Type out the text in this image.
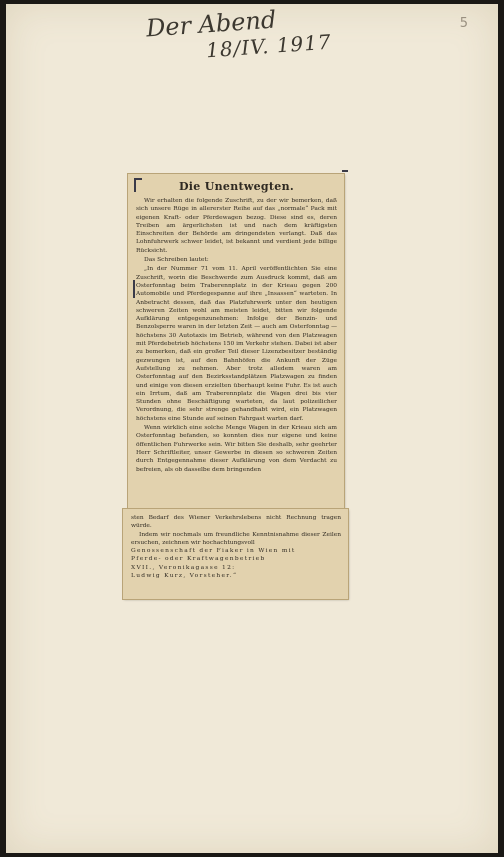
Der Abend
18/IV. 1917
5
Die Unentwegten.

Wir erhalten die folgende Zuschrift, zu der wir bemerken, daß sich unsere Rüge in allererster Reihe auf das „normale“ Pack mit eigenen Kraft- oder Pferdewagen bezog. Diese sind es, deren Treiben am ärgerlichsten ist und nach dem kräftigsten Einschreiten der Behörde am dringendsten verlangt. Daß das Lohnfuhrwerk schwer leidet, ist bekannt und verdient jede billige Rücksicht.

Das Schreiben lautet:

„In der Nummer 71 vom 11. April veröffentlichten Sie eine Zuschrift, worin die Beschwerde zum Ausdruck kommt, daß am Osterfonntag beim Traberennplatz in der Krieau gegen 200 Automobile und Pferdegespanne auf ihre „Insassen“ warteten. In Anbetracht dessen, daß das Platzfuhrwerk unter den heutigen schweren Zeiten wohl am meisten leidet, bitten wir folgende Aufklärung entgegenzunehmen: Infolge der Benzin- und Benzolsperre waren in der letzten Zeit — auch am Osterfonntag — höchstens 30 Autotaxis im Betrieb, während von den Platzwagen mit Pferdebetrieb höchstens 150 im Verkehr stehen. Dabei ist aber zu bemerken, daß ein großer Teil dieser Lizenzbesitzer beständig gezwungen ist, auf den Bahnhöfen die Ankunft der Züge Aufstellung zu nehmen. Aber trotz alledem waren am Osterfonntag auf den Bezirksstandplätzen Platzwagen zu finden und einige von diesen erzielten überhaupt keine Fuhr. Es ist auch ein Irrtum, daß am Traberennplatz die Wagen drei bis vier Stunden ohne Beschäftigung warteten, da laut polizeilicher Verordnung, die sehr strenge gehandhabt wird, ein Platzwagen höchstens eine Stunde auf seinen Fahrgast warten darf.

Wenn wirklich eine solche Menge Wagen in der Krieau sich am Osterfonntag befanden, so konnten dies nur eigene und keine öffentlichen Fuhrwerke sein. Wir bitten Sie deshalb, sehr geehrter Herr Schriftleiter, unser Gewerbe in diesen so schweren Zeiten durch Entgegennahme dieser Aufklärung von dem Verdacht zu befreien, als ob dasselbe dem bringenden

sten Bedarf des Wiener Verkehrslebens nicht Rechnung tragen würde.

Indem wir nochmals um freundliche Kenntnisnahme dieser Zeilen ersuchen, zeichnen wir hochachtungsvoll

Genossenschaft der Fiaker in Wien mit

Pferde- oder Kraftwagenbetrieb

XVII., Veronikagasse 12:

Ludwig Kurz, Vorsteher.“
